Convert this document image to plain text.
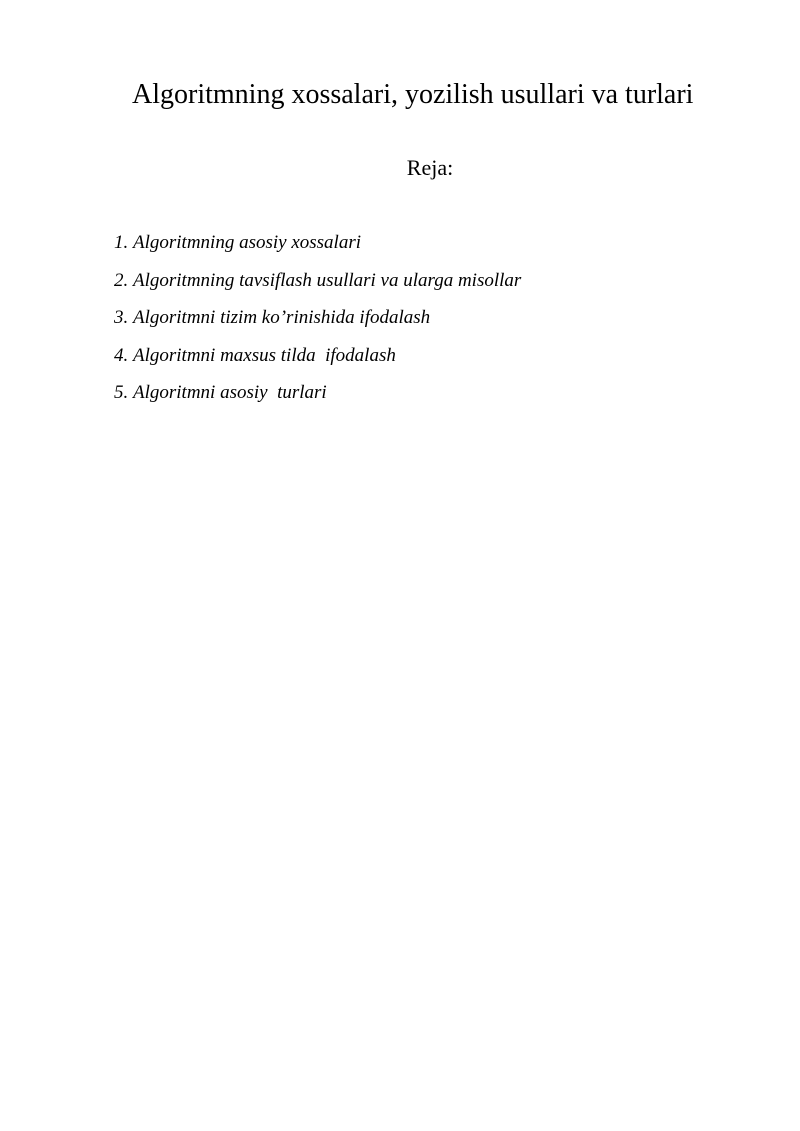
Algoritmning xossalari, yozilish usullari va turlari
Reja:
1. Algoritmning asosiy xossalari
2. Algoritmning tavsiflash usullari va ularga misollar
3. Algoritmni tizim ko’rinishida ifodalash
4. Algoritmni maxsus tilda  ifodalash
5. Algoritmni asosiy  turlari
